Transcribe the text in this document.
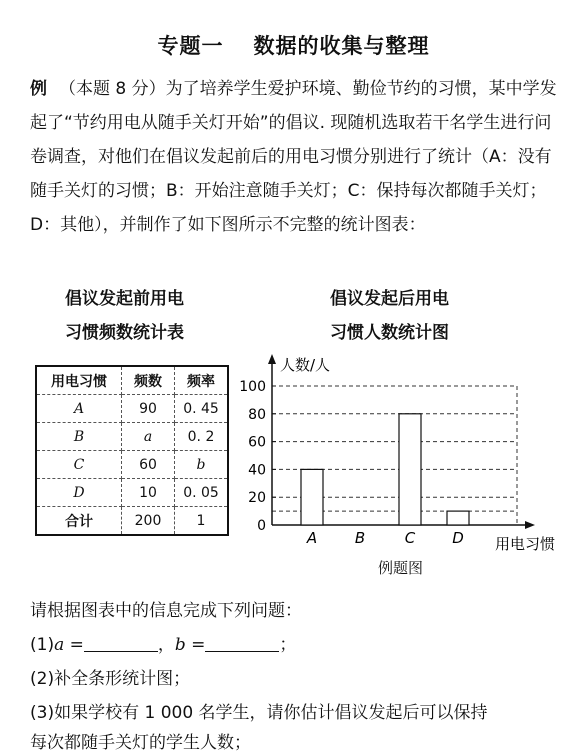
专题一 数据的收集与整理
例 （本题 8 分）为了培养学生爱护环境、勤俭节约的习惯，某中学发起了“节约用电从随手关灯开始”的倡议. 现随机选取若干名学生进行问卷调查，对他们在倡议发起前后的用电习惯分别进行了统计（A：没有随手关灯的习惯；B：开始注意随手关灯；C：保持每次都随手关灯；D：其他），并制作了如下图所示不完整的统计图表：
倡议发起前用电
习惯频数统计表
倡议发起后用电
习惯人数统计图
用电习惯	频数	频率
A	90	0. 45
B	a	0. 2
C	60	b
D	10	0. 05
合计	200	1	0
20
40
60
80
100
人数/人
用电习惯
A	B	C D
例题图
请根据图表中的信息完成下列问题：
(1)a =	，b =	；
(2)补全条形统计图；
(3)如果学校有 1 000 名学生，请你估计倡议发起后可以保持
每次都随手关灯的学生人数；
